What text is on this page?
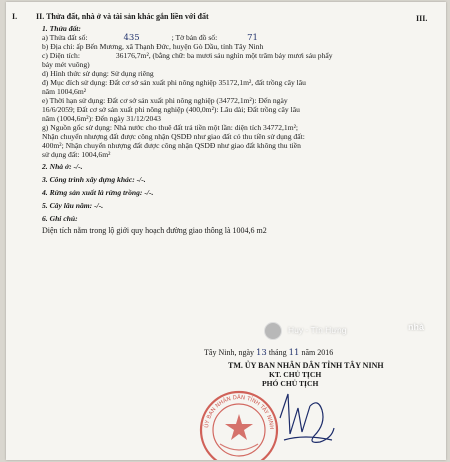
I.	III.
II. Thửa đất, nhà ở và tài sản khác gắn liền với đất
1. Thửa đất:
a) Thửa đất số:	435	; Tờ bản đồ số:	71
b) Địa chỉ: ấp Bến Mương, xã Thạnh Đức, huyện Gò Dầu, tỉnh Tây Ninh
c) Diện tích:	36176,7m², (bằng chữ: ba mươi sáu nghìn một trăm bảy mươi sáu phẩy
bảy mét vuông)
d) Hình thức sử dụng: Sử dụng riêng
đ) Mục đích sử dụng: Đất cơ sở sản xuất phi nông nghiệp 35172,1m², đất trồng cây lâu
năm 1004,6m²
e) Thời hạn sử dụng: Đất cơ sở sản xuất phi nông nghiệp (34772,1m²): Đến ngày
16/6/2059; Đất cơ sở sản xuất phi nông nghiệp (400,0m²): Lâu dài; Đất trồng cây lâu
năm (1004,6m²): Đến ngày 31/12/2043
g) Nguồn gốc sử dụng: Nhà nước cho thuê đất trả tiền một lần: diện tích 34772,1m²;
Nhận chuyển nhượng đất được công nhận QSDĐ như giao đất có thu tiền sử dụng đất:
400m²; Nhận chuyển nhượng đất được công nhận QSDĐ như giao đất không thu tiền
sử dụng đất: 1004,6m²
2. Nhà ở: -/-.
3. Công trình xây dựng khác: -/-.
4. Rừng sản xuất là rừng trồng: -/-.
5. Cây lâu năm: -/-.
6. Ghi chú:
Diện tích nằm trong lộ giới quy hoạch đường giao thông là 1004,6 m2
Huy - Tín Hưng	nhà
Tây Ninh, ngày 13 tháng 11 năm 2016
TM. ỦY BAN NHÂN DÂN TỈNH TÂY NINH
KT. CHỦ TỊCH
PHÓ CHỦ TỊCH
ỦY BAN NHÂN DÂN TỈNH TÂY NINH
